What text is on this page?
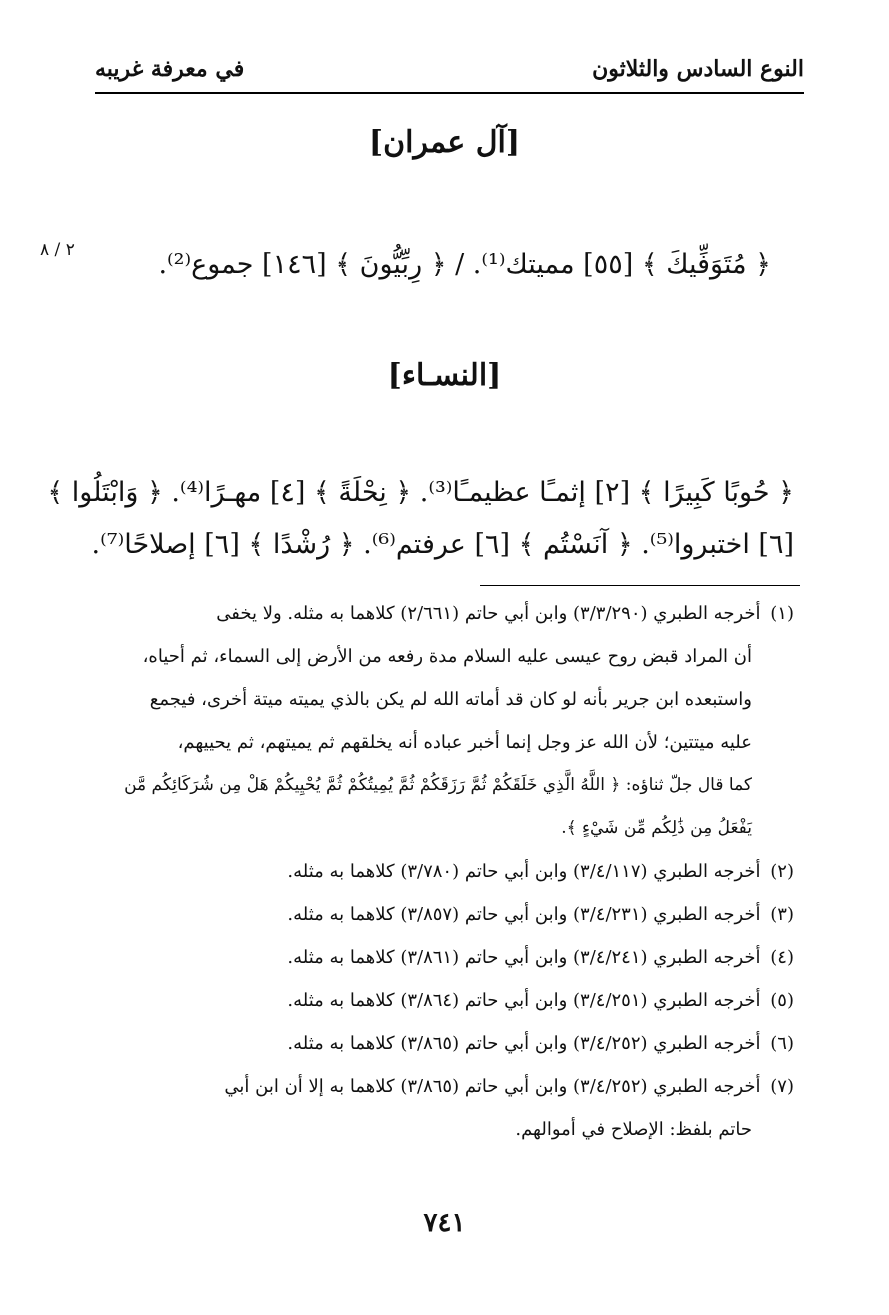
النوع السادس والثلاثون
في معرفة غريبه
[آل عمران]
٢ / ٨	﴿ مُتَوَفِّيكَ ﴾ [٥٥] مميتك⁽¹⁾. / ﴿ رِبِّيُّونَ ﴾ [١٤٦] جموع⁽²⁾.
[النسـاء]
﴿ حُوبًا كَبِيرًا ﴾ [٢] إثمـًا عظيمـًا⁽³⁾. ﴿ نِحْلَةً ﴾ [٤] مهـرًا⁽⁴⁾. ﴿ وَابْتَلُوا ﴾
[٦] اختبروا⁽⁵⁾. ﴿ آنَسْتُم ﴾ [٦] عرفتم⁽⁶⁾. ﴿ رُشْدًا ﴾ [٦] إصلاحًا⁽⁷⁾.

(١) أخرجه الطبري (٣/٣/٢٩٠) وابن أبي حاتم (٢/٦٦١) كلاهما به مثله. ولا يخفى
أن المراد قبض روح عيسى عليه السلام مدة رفعه من الأرض إلى السماء، ثم أحياه،
واستبعده ابن جرير بأنه لو كان قد أماته الله لم يكن بالذي يميته ميتة أخرى، فيجمع
عليه ميتتين؛ لأن الله عز وجل إنما أخبر عباده أنه يخلقهم ثم يميتهم، ثم يحييهم،
كما قال جلّ ثناؤه: ﴿ اللَّهُ الَّذِي خَلَقَكُمْ ثُمَّ رَزَقَكُمْ ثُمَّ يُمِيتُكُمْ ثُمَّ يُحْيِيكُمْ هَلْ مِن شُرَكَائِكُم مَّن
يَفْعَلُ مِن ذَٰلِكُم مِّن شَيْءٍ ﴾.

(٢) أخرجه الطبري (٣/٤/١١٧) وابن أبي حاتم (٣/٧٨٠) كلاهما به مثله.

(٣) أخرجه الطبري (٣/٤/٢٣١) وابن أبي حاتم (٣/٨٥٧) كلاهما به مثله.

(٤) أخرجه الطبري (٣/٤/٢٤١) وابن أبي حاتم (٣/٨٦١) كلاهما به مثله.

(٥) أخرجه الطبري (٣/٤/٢٥١) وابن أبي حاتم (٣/٨٦٤) كلاهما به مثله.

(٦) أخرجه الطبري (٣/٤/٢٥٢) وابن أبي حاتم (٣/٨٦٥) كلاهما به مثله.

(٧) أخرجه الطبري (٣/٤/٢٥٢) وابن أبي حاتم (٣/٨٦٥) كلاهما به إلا أن ابن أبي
حاتم بلفظ: الإصلاح في أموالهم.

٧٤١
